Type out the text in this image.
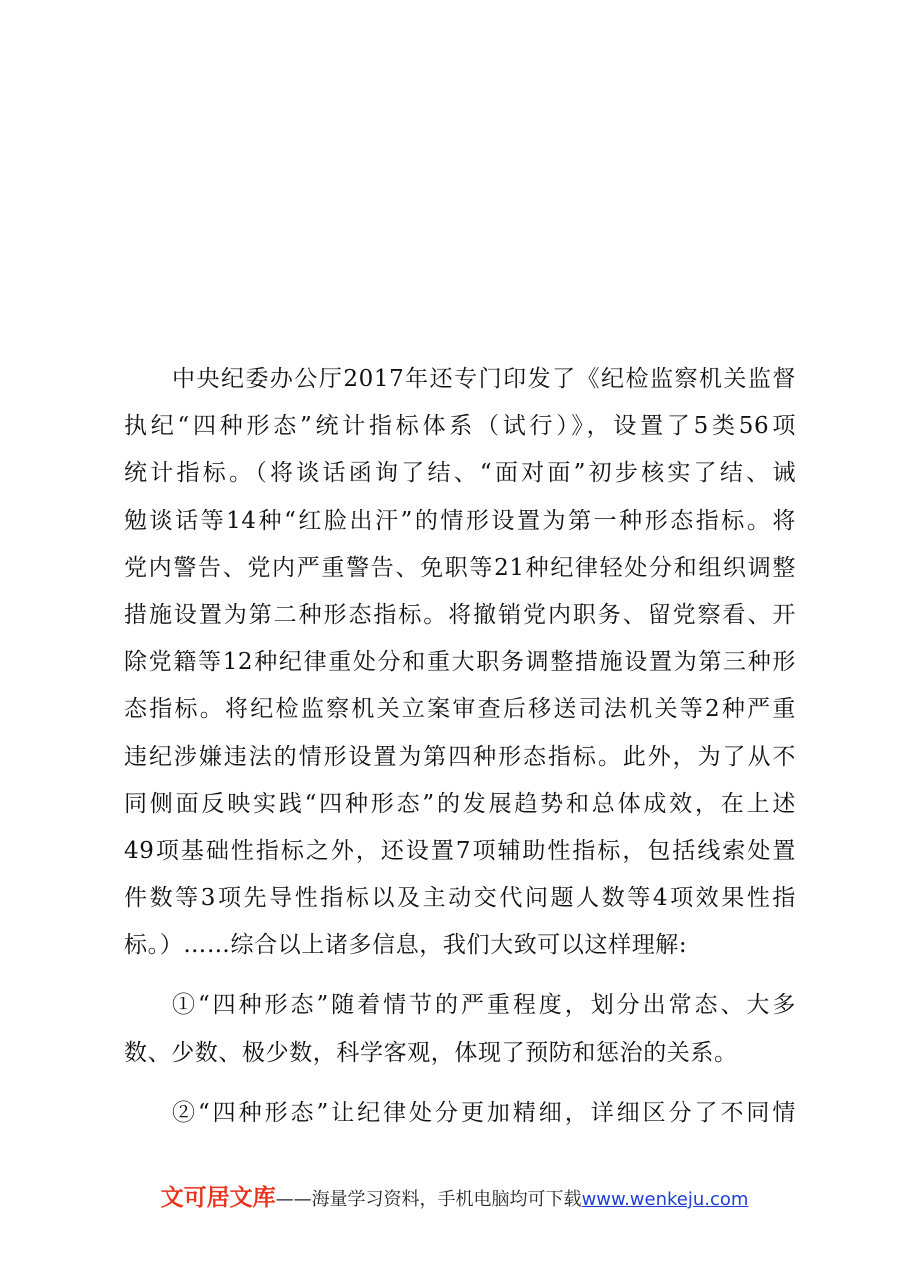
中央纪委办公厅2017年还专门印发了《纪检监察机关监督
执纪“四种形态”统计指标体系（试行）》，设置了5类56项
统计指标。（将谈话函询了结、“面对面”初步核实了结、诫
勉谈话等14种“红脸出汗”的情形设置为第一种形态指标。将
党内警告、党内严重警告、免职等21种纪律轻处分和组织调整
措施设置为第二种形态指标。将撤销党内职务、留党察看、开
除党籍等12种纪律重处分和重大职务调整措施设置为第三种形
态指标。将纪检监察机关立案审查后移送司法机关等2种严重
违纪涉嫌违法的情形设置为第四种形态指标。此外，为了从不
同侧面反映实践“四种形态”的发展趋势和总体成效，在上述
49项基础性指标之外，还设置7项辅助性指标，包括线索处置
件数等3项先导性指标以及主动交代问题人数等4项效果性指
标。）……综合以上诸多信息，我们大致可以这样理解:
①“四种形态”随着情节的严重程度，划分出常态、大多
数、少数、极少数，科学客观，体现了预防和惩治的关系。
②“四种形态”让纪律处分更加精细，详细区分了不同情
文可居文库——海量学习资料，手机电脑均可下载www.wenkeju.com
